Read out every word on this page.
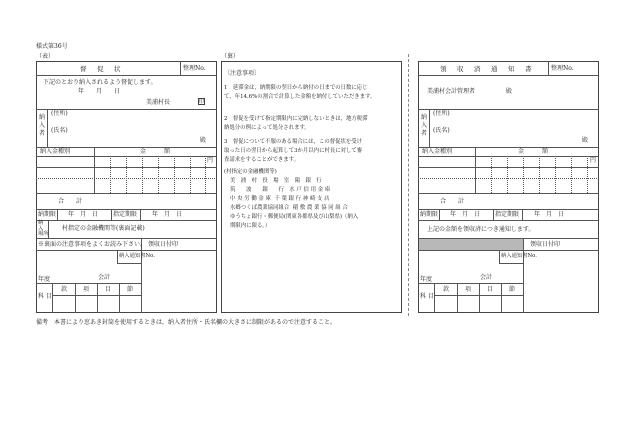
様式第36号
（表）	（裏）
督　促　状	整理No.
下記のとおり納入されるよう督促します。
年　　月　　日
美浦村長	印
納
入
者
(住所)
(氏名)
殿
納入金種別	金　　　額
円
合　　計
納期限 年　月　日 指定期限 年　月　日
納
入
場所
村指定の金融機関等(裏面記載)
※裏面の注意事項をよくお読み下さい。 領収日付印
納入通知書No.
年度	会計
科 目
款	項	目	節
〔注意事項〕
1　延滞金は，納期限の翌日から納付の日までの日数に応じ
て，年14.6%の割合で計算した金額を納付していただきます。
2　督促を受けて指定期限内に完納しないときは，地方税滞
納処分の例によって処分されます。
3　督促について不服のある場合には，この督促状を受け
取った日の翌日から起算して3か月以内に村長に対して審
査請求をすることができます。
(村指定の金融機関等)
美　浦　村　役　場　室　陽　銀　行
筑　　波　　銀　　行　水 戸 信 用 金 庫
中 央 労 働 金 庫  千 葉 銀 行 神 崎 支 店
水郷つくば農業協同組合  稲 敷 農 業 協 同 組 合
ゆうちょ銀行・郵便局(関東各都県及び山梨県)（納入
期限内に限る。）
領　収　済　通　知　書	整理No.
美浦村会計管理者	殿
納
入
者
(住所)
(氏名)
殿
納入金種別	金　　　額
円
合　　計
納期限 年　月　日 指定期限 年　月　日
上記の金額を領収済につき通知します。
領収日付印
納入通知書No.
年度	会計
科 目
款	項	目	節
備考　本書により窓あき封筒を使用するときは，納入者住所・氏名欄の大きさに制限があるので注意すること。
